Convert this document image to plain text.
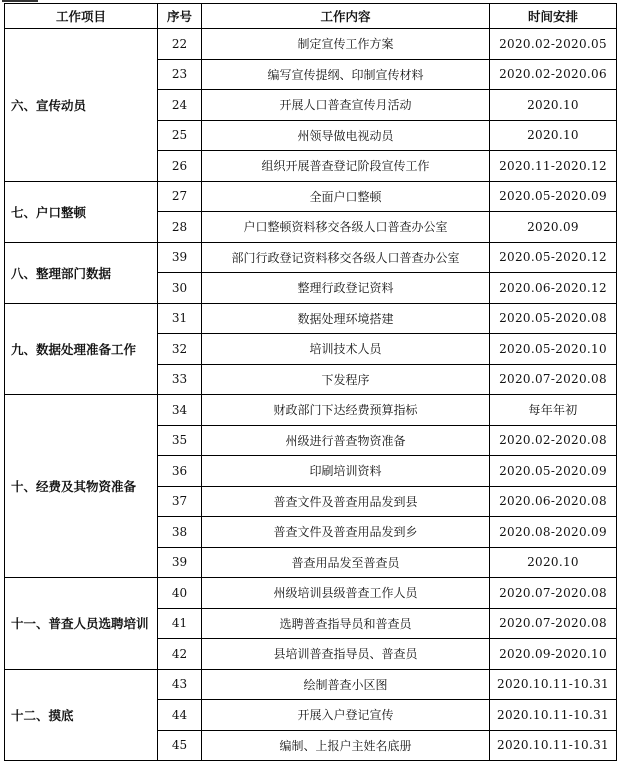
工作项目	序号	工作内容	时间安排
六、宣传动员	22	制定宣传工作方案	2020.02-2020.05
	23	编写宣传提纲、印制宣传材料	2020.02-2020.06
	24	开展人口普查宣传月活动	2020.10
	25	州领导做电视动员	2020.10
	26	组织开展普查登记阶段宣传工作	2020.11-2020.12
七、户口整顿	27	全面户口整顿	2020.05-2020.09
	28	户口整顿资料移交各级人口普查办公室	2020.09
八、整理部门数据	39	部门行政登记资料移交各级人口普查办公室	2020.05-2020.12
	30	整理行政登记资料	2020.06-2020.12
九、数据处理准备工作	31	数据处理环境搭建	2020.05-2020.08
	32	培训技术人员	2020.05-2020.10
	33	下发程序	2020.07-2020.08
十、经费及其物资准备	34	财政部门下达经费预算指标	每年年初
	35	州级进行普查物资准备	2020.02-2020.08
	36	印刷培训资料	2020.05-2020.09
	37	普查文件及普查用品发到县	2020.06-2020.08
	38	普查文件及普查用品发到乡	2020.08-2020.09
	39	普查用品发至普查员	2020.10
十一、普查人员选聘培训	40	州级培训县级普查工作人员	2020.07-2020.08
	41	选聘普查指导员和普查员	2020.07-2020.08
	42	县培训普查指导员、普查员	2020.09-2020.10
十二、摸底	43	绘制普查小区图	2020.10.11-10.31
	44	开展入户登记宣传	2020.10.11-10.31
	45	编制、上报户主姓名底册	2020.10.11-10.31
